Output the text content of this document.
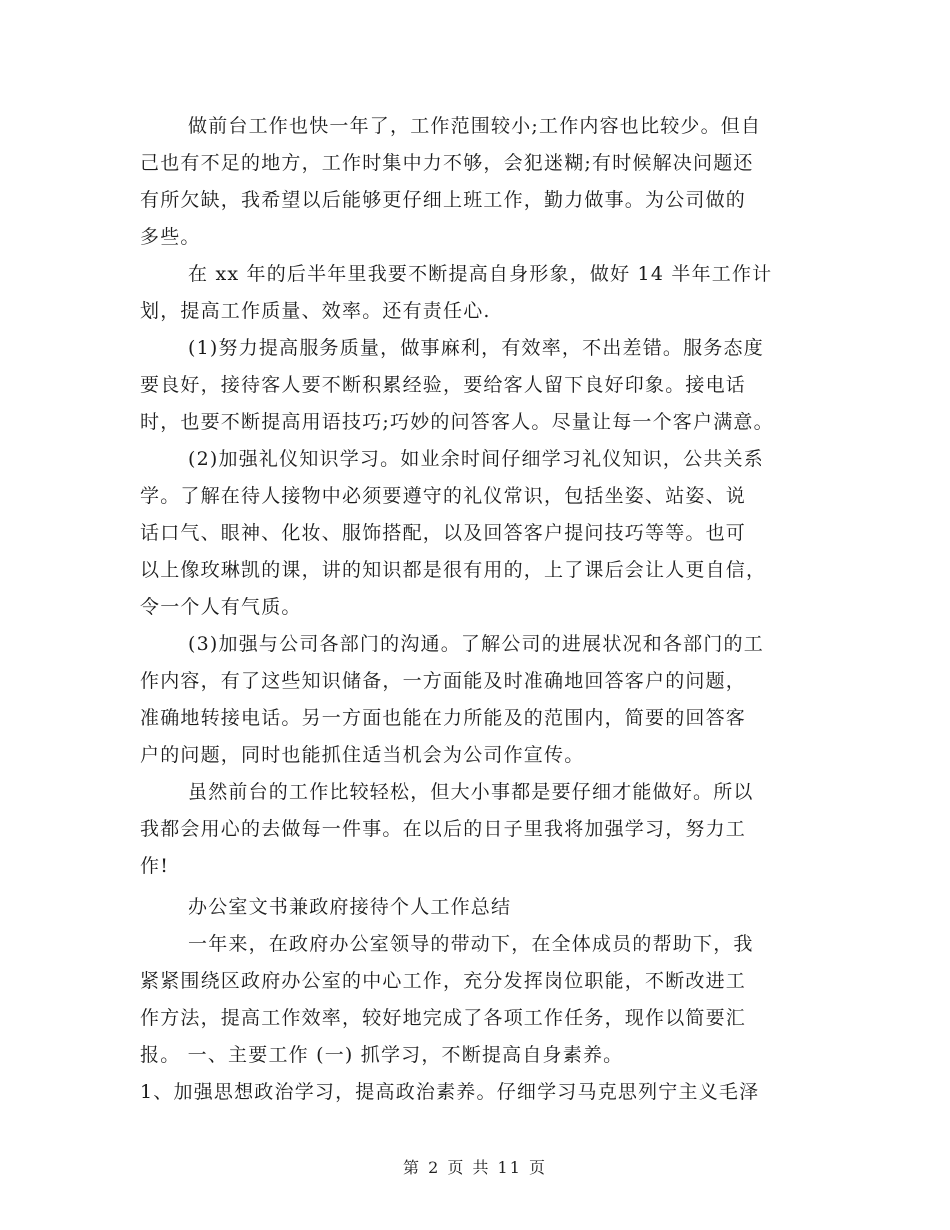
做前台工作也快一年了，工作范围较小;工作内容也比较少。但自
己也有不足的地方，工作时集中力不够，会犯迷糊;有时候解决问题还
有所欠缺，我希望以后能够更仔细上班工作，勤力做事。为公司做的
多些。
在 xx 年的后半年里我要不断提高自身形象，做好 14 半年工作计
划，提高工作质量、效率。还有责任心.
(1)努力提高服务质量，做事麻利，有效率，不出差错。服务态度
要良好，接待客人要不断积累经验，要给客人留下良好印象。接电话
时，也要不断提高用语技巧;巧妙的问答客人。尽量让每一个客户满意。
(2)加强礼仪知识学习。如业余时间仔细学习礼仪知识，公共关系
学。了解在待人接物中必须要遵守的礼仪常识，包括坐姿、站姿、说
话口气、眼神、化妆、服饰搭配，以及回答客户提问技巧等等。也可
以上像玫琳凯的课，讲的知识都是很有用的，上了课后会让人更自信，
令一个人有气质。
(3)加强与公司各部门的沟通。了解公司的进展状况和各部门的工
作内容，有了这些知识储备，一方面能及时准确地回答客户的问题，
准确地转接电话。另一方面也能在力所能及的范围内，简要的回答客
户的问题，同时也能抓住适当机会为公司作宣传。
虽然前台的工作比较轻松，但大小事都是要仔细才能做好。所以
我都会用心的去做每一件事。在以后的日子里我将加强学习，努力工
作!
办公室文书兼政府接待个人工作总结
一年来，在政府办公室领导的带动下，在全体成员的帮助下，我
紧紧围绕区政府办公室的中心工作，充分发挥岗位职能，不断改进工
作方法，提高工作效率，较好地完成了各项工作任务，现作以简要汇
报。 一、主要工作 (一) 抓学习，不断提高自身素养。
1、加强思想政治学习，提高政治素养。仔细学习马克思列宁主义毛泽
第 2 页 共 11 页
